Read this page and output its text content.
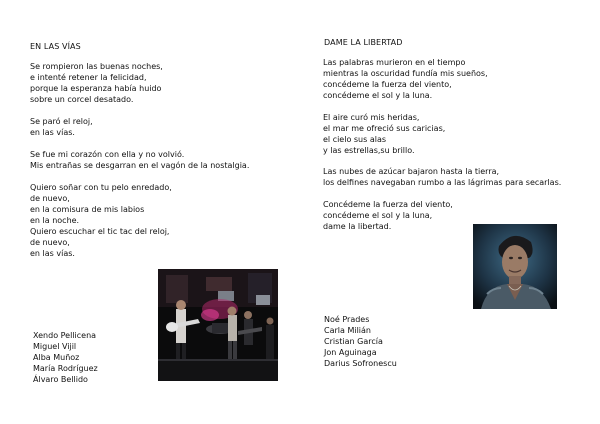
EN LAS VÍAS

Se rompieron las buenas noches,
e intenté retener la felicidad,
porque la esperanza había huido
sobre un corcel desatado.

Se paró el reloj,
en las vías.

Se fue mi corazón con ella y no volvió.
Mis entrañas se desgarran en el vagón de la nostalgia.

Quiero soñar con tu pelo enredado,
de nuevo,
en la comisura de mis labios
en la noche.
Quiero escuchar el tic tac del reloj,
de nuevo,
en las vías.

Xendo Pellicena
Miguel Vijil
Alba Muñoz
María Rodríguez
Álvaro Bellido
DAME LA LIBERTAD

Las palabras murieron en el tiempo
mientras la oscuridad fundía mis sueños,
concédeme la fuerza del viento,
concédeme el sol y la luna.

El aire curó mis heridas,
el mar me ofreció sus caricias,
el cielo sus alas
y las estrellas,su brillo.

Las nubes de azúcar bajaron hasta la tierra,
los delfines navegaban rumbo a las lágrimas para secarlas.

Concédeme la fuerza del viento,
concédeme el sol y la luna,
dame la libertad.

Noé Prades
Carla Milián
Cristian García
Jon Aguinaga
Darius Sofronescu
